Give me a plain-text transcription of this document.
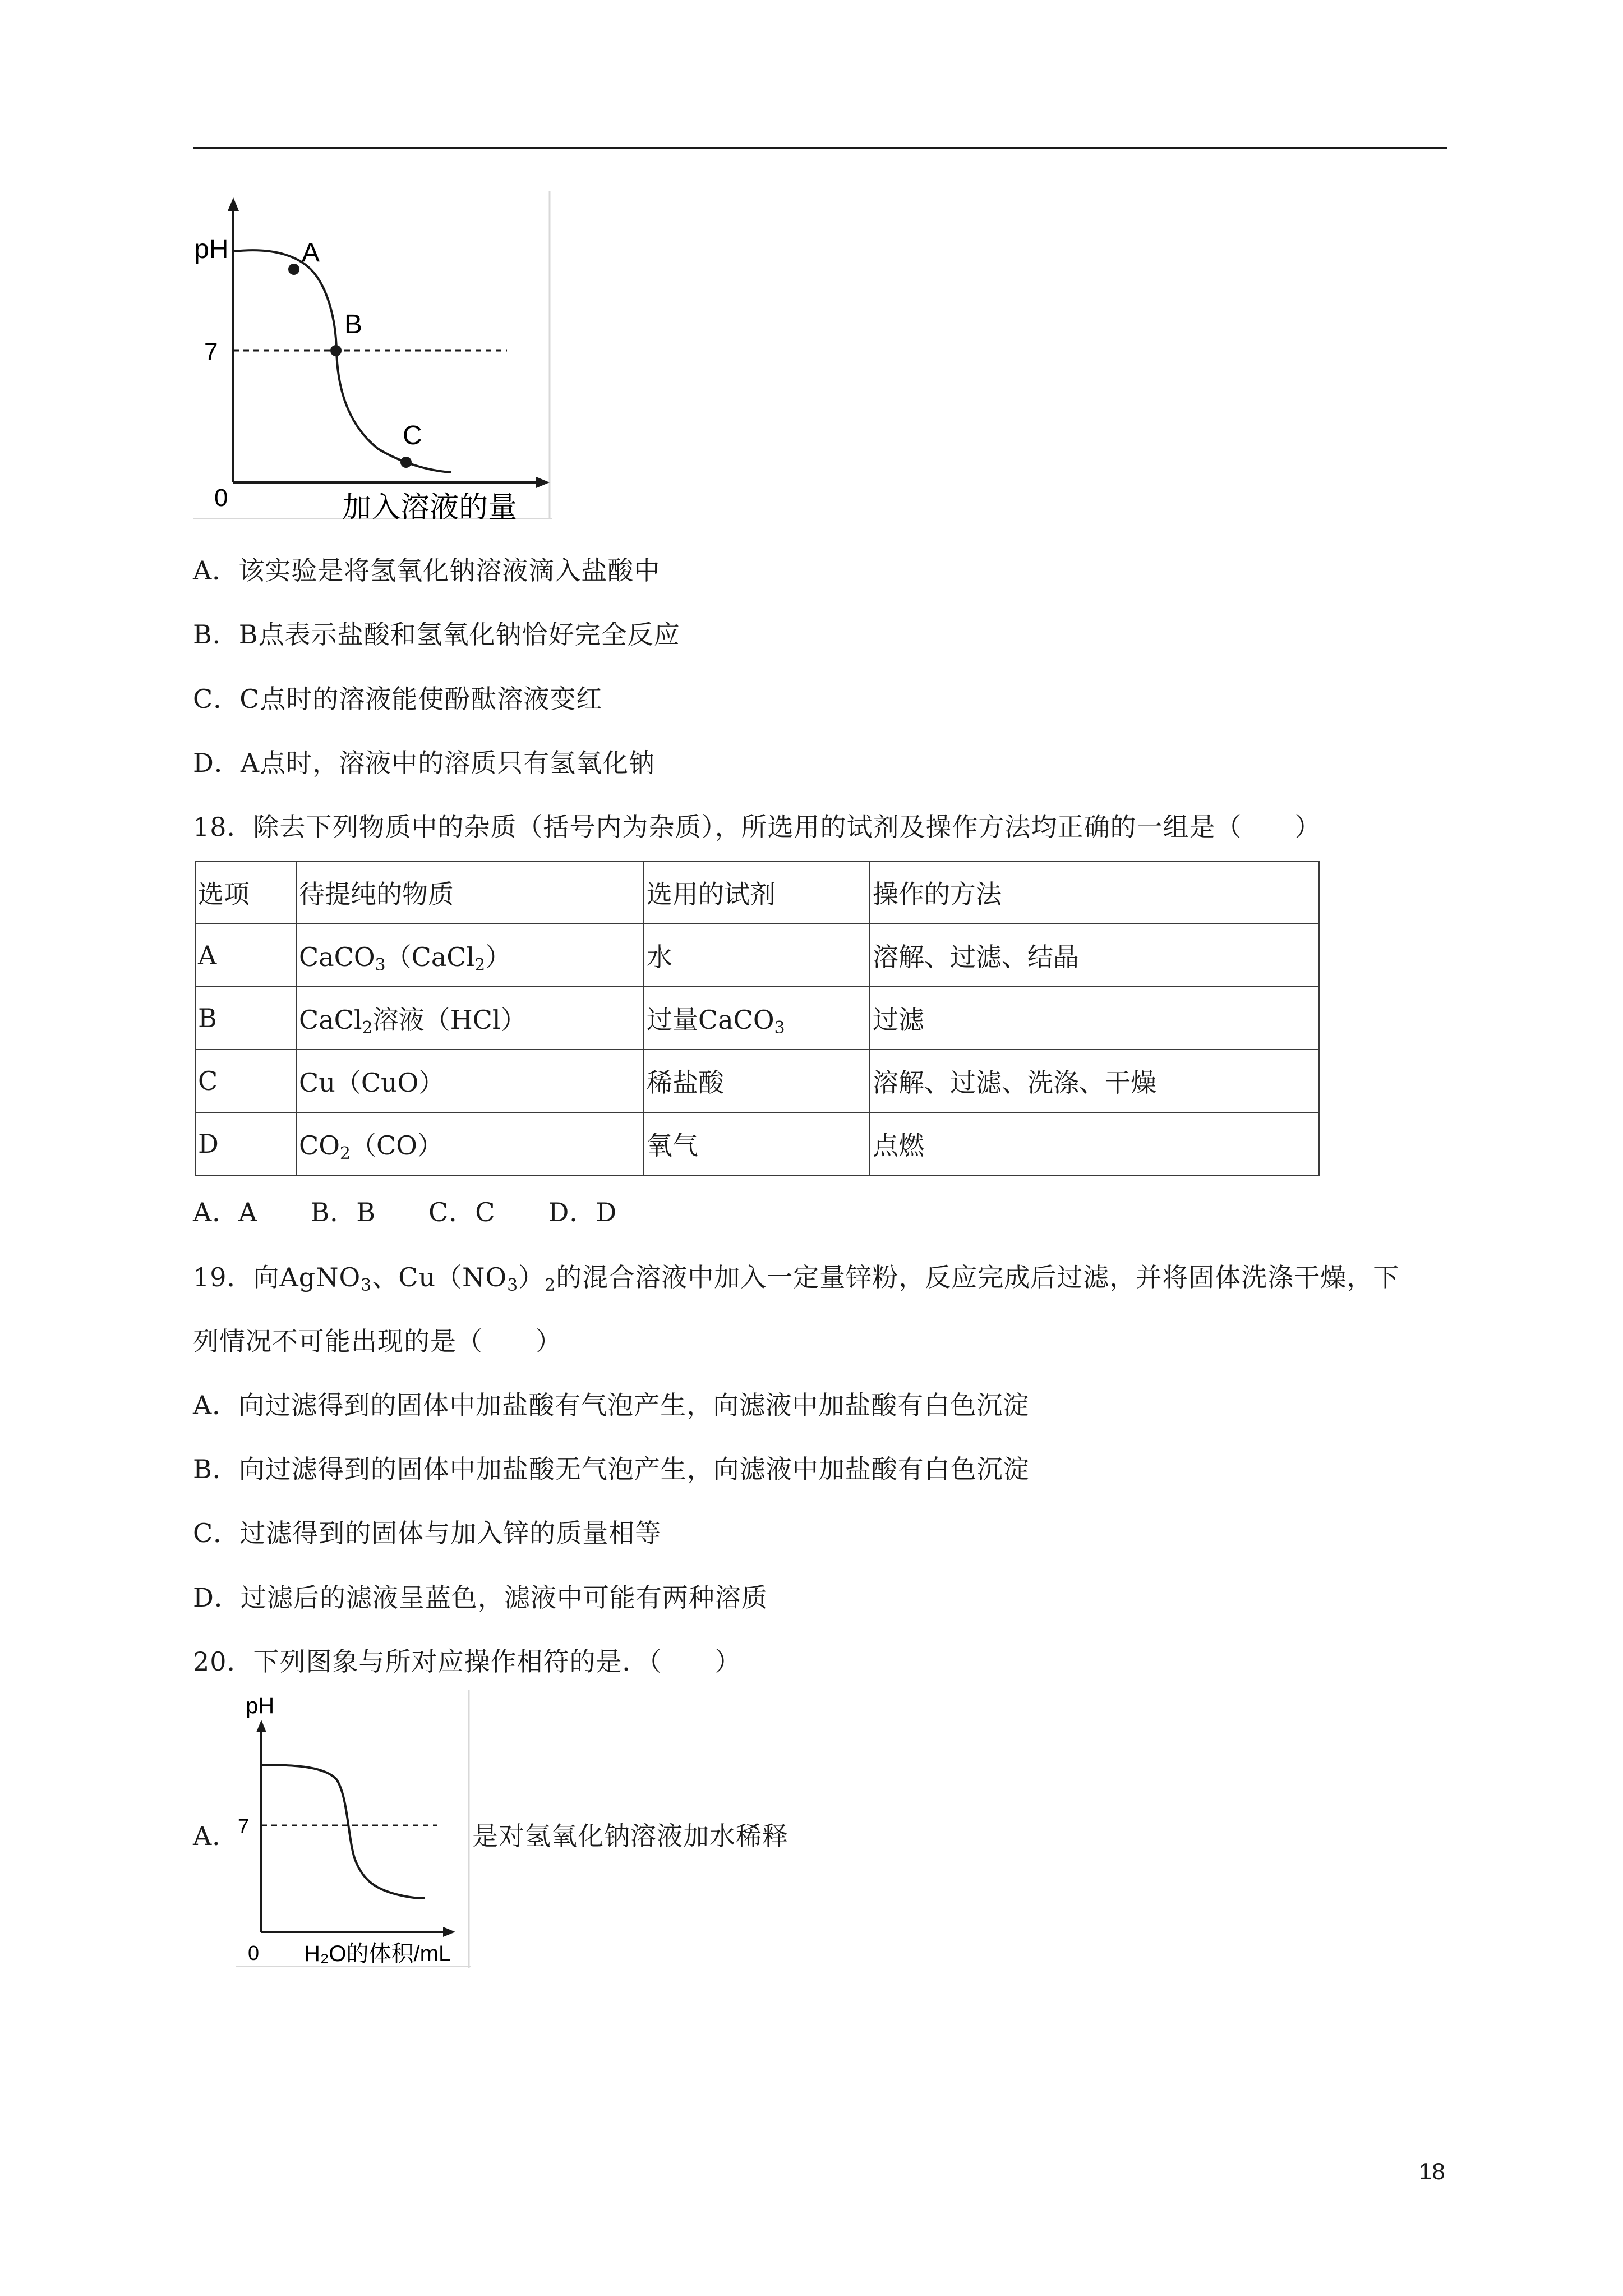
pH
7
0
A
B
C
加入溶液的量
A．该实验是将氢氧化钠溶液滴入盐酸中
B．B点表示盐酸和氢氧化钠恰好完全反应
C．C点时的溶液能使酚酞溶液变红
D．A点时，溶液中的溶质只有氢氧化钠
18．除去下列物质中的杂质（括号内为杂质），所选用的试剂及操作方法均正确的一组是（　　）
选项	待提纯的物质	选用的试剂	操作的方法
A	CaCO$_3$（CaCl$_2$）	水	溶解、过滤、结晶
B	CaCl$_2$溶液（HCl）	过量CaCO$_3$	过滤
C	Cu（CuO）	稀盐酸	溶解、过滤、洗涤、干燥
D	$CO_2(CO)$	氧气	点燃
A．A　　B．B　　C．C　　D．D
19．向AgNO$_3$、$Cu(NO_3)_2$的混合溶液中加入一定量锌粉，反应完成后过滤，并将固体洗涤干燥，下
列情况不可能出现的是（　　）
A．向过滤得到的固体中加盐酸有气泡产生，向滤液中加盐酸有白色沉淀
B．向过滤得到的固体中加盐酸无气泡产生，向滤液中加盐酸有白色沉淀
C．过滤得到的固体与加入锌的质量相等
D．过滤后的滤液呈蓝色，滤液中可能有两种溶质
20．下列图象与所对应操作相符的是．（　　）
A．
pH
7
0 H₂O的体积/mL
是对氢氧化钠溶液加水稀释
18
